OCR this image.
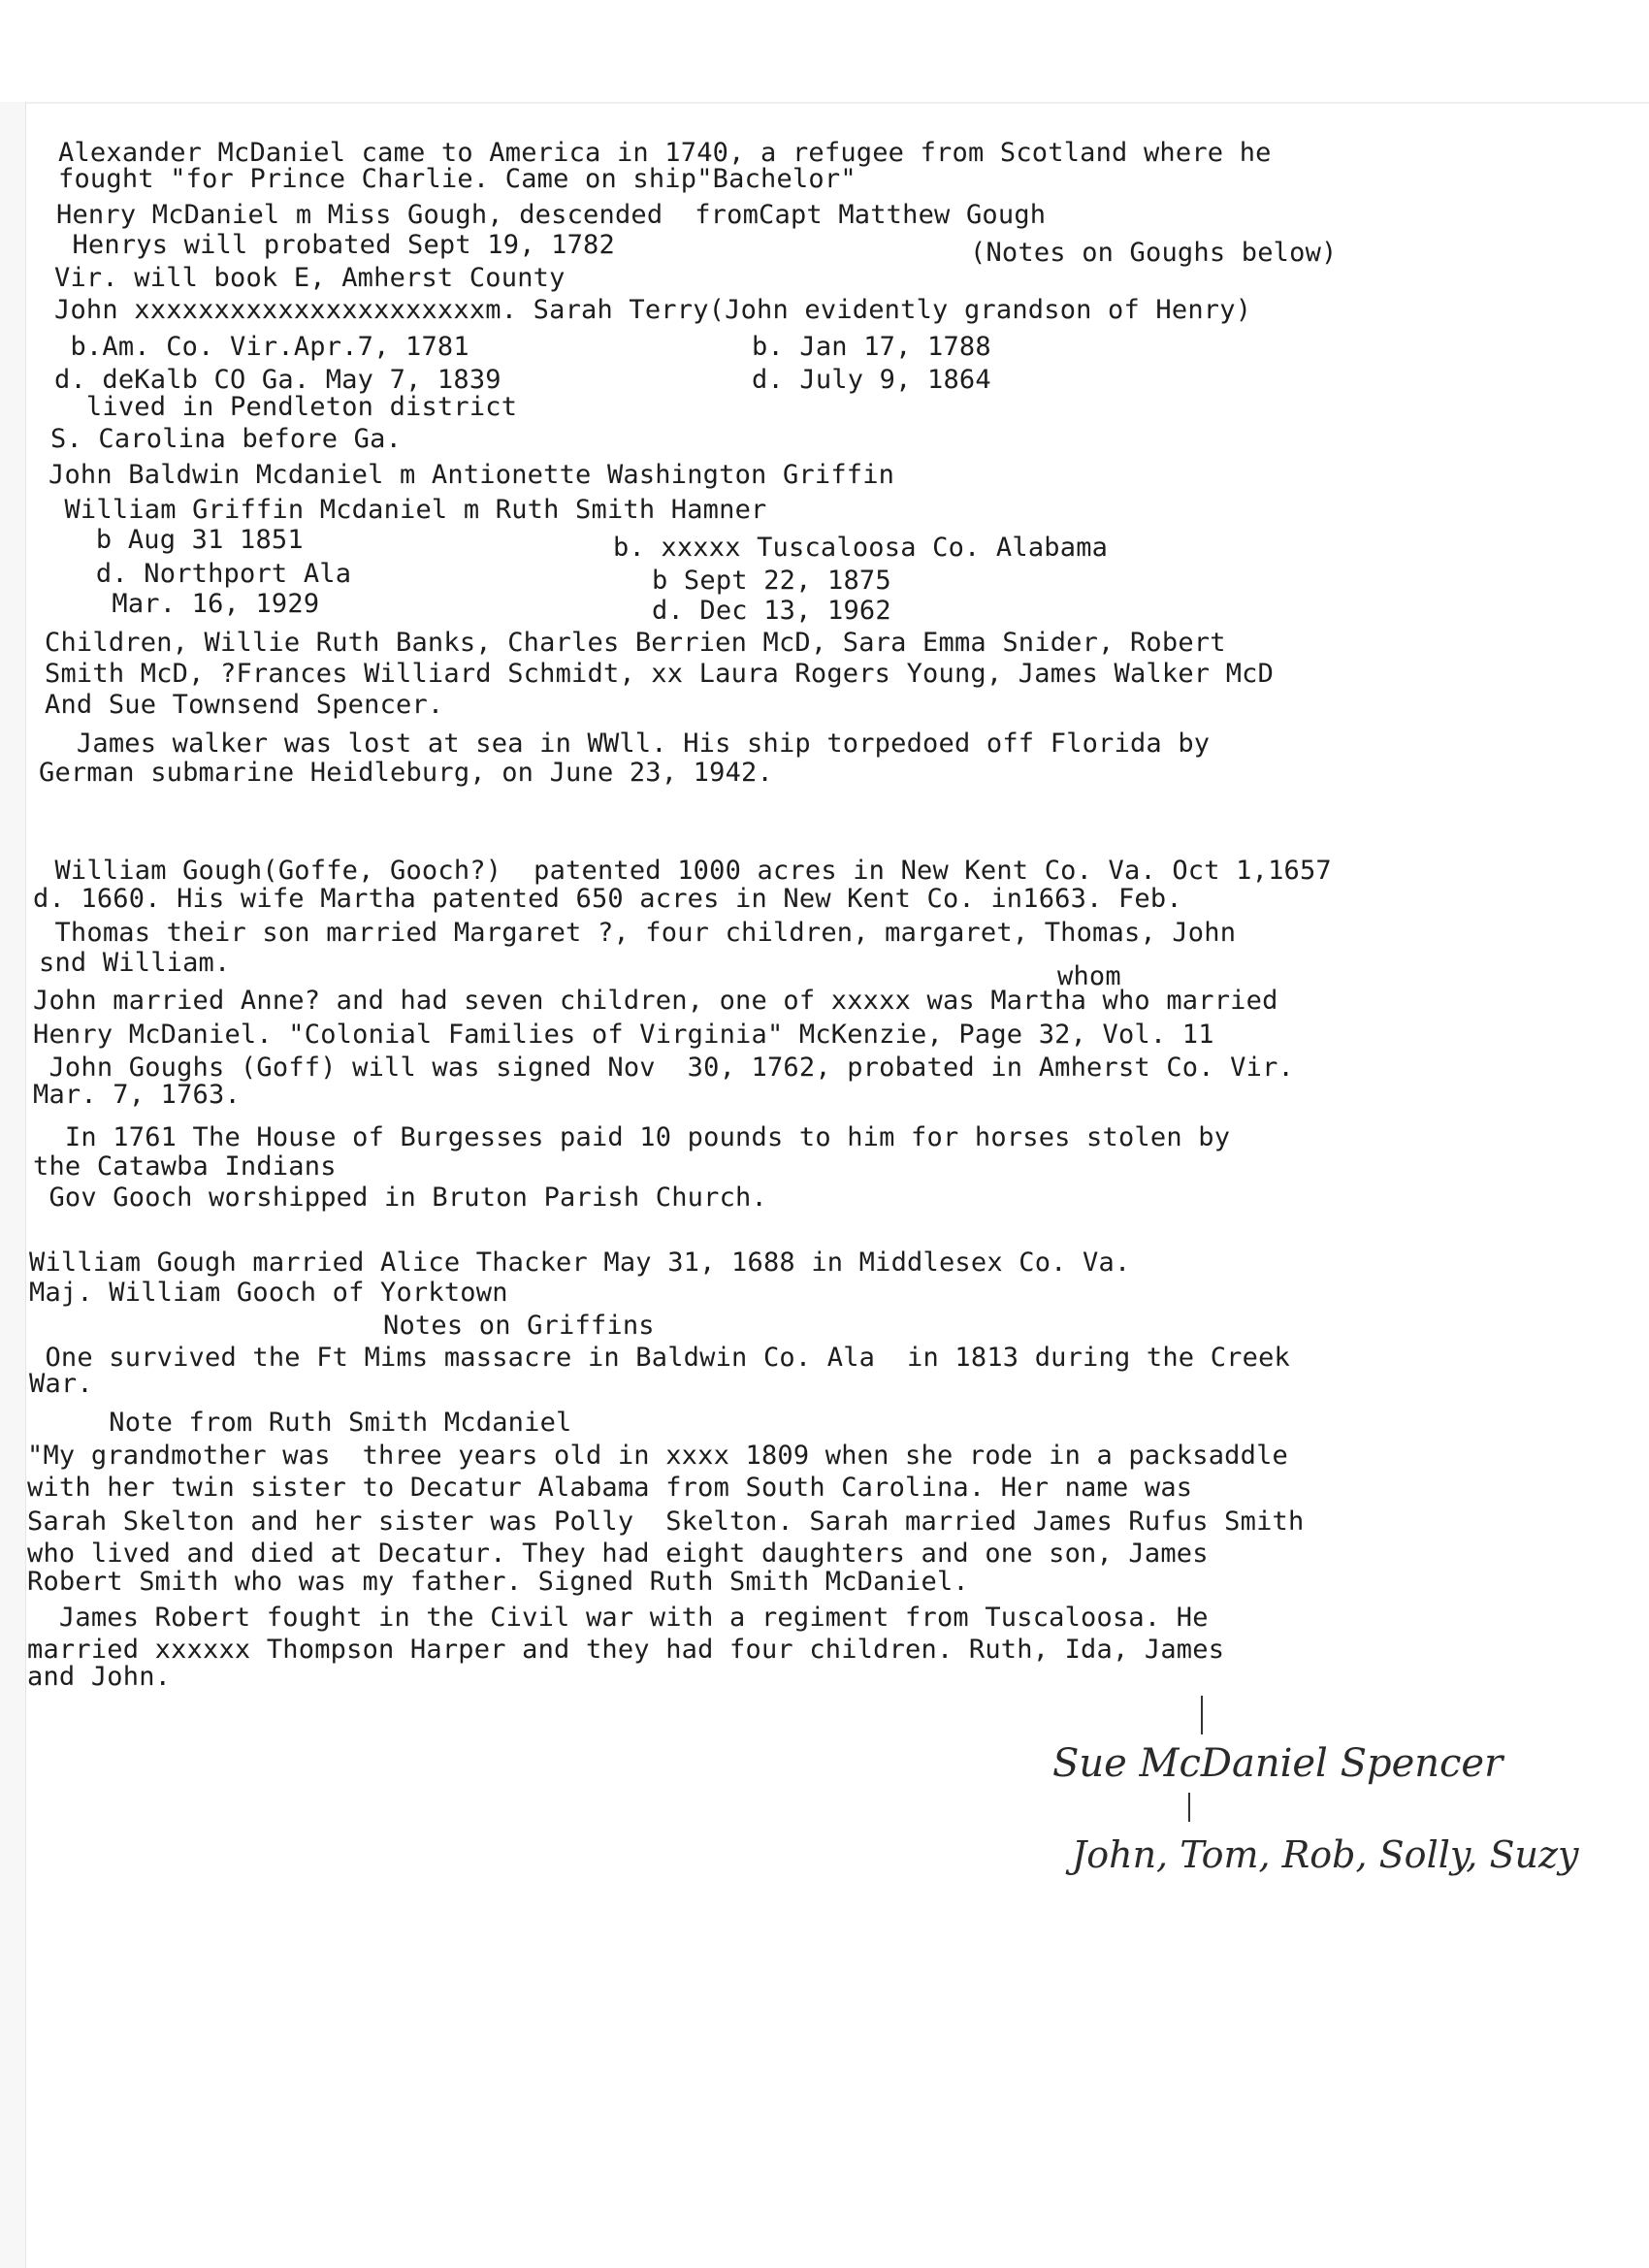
Alexander McDaniel came to America in 1740, a refugee from Scotland where he
fought "for Prince Charlie. Came on ship"Bachelor"
Henry McDaniel m Miss Gough, descended  fromCapt Matthew Gough
Henrys will probated Sept 19, 1782	(Notes on Goughs below)
Vir. will book E, Amherst County
John xxxxxxxxxxxxxxxxxxxxxxm. Sarah Terry(John evidently grandson of Henry)
b.Am. Co. Vir.Apr.7, 1781	b. Jan 17, 1788
d. deKalb CO Ga. May 7, 1839	d. July 9, 1864
lived in Pendleton district
S. Carolina before Ga.
John Baldwin Mcdaniel m Antionette Washington Griffin
William Griffin Mcdaniel m Ruth Smith Hamner
b Aug 31 1851	b. xxxxx Tuscaloosa Co. Alabama
d. Northport Ala	b Sept 22, 1875
Mar. 16, 1929	d. Dec 13, 1962
Children, Willie Ruth Banks, Charles Berrien McD, Sara Emma Snider, Robert
Smith McD, ?Frances Williard Schmidt, xx Laura Rogers Young, James Walker McD
And Sue Townsend Spencer.
James walker was lost at sea in WWll. His ship torpedoed off Florida by
German submarine Heidleburg, on June 23, 1942.
William Gough(Goffe, Gooch?)  patented 1000 acres in New Kent Co. Va. Oct 1,1657
d. 1660. His wife Martha patented 650 acres in New Kent Co. in1663. Feb.
Thomas their son married Margaret ?, four children, margaret, Thomas, John
snd William.	whom
John married Anne? and had seven children, one of xxxxx was Martha who married
Henry McDaniel. "Colonial Families of Virginia" McKenzie, Page 32, Vol. 11
John Goughs (Goff) will was signed Nov  30, 1762, probated in Amherst Co. Vir.
Mar. 7, 1763.
In 1761 The House of Burgesses paid 10 pounds to him for horses stolen by
the Catawba Indians
Gov Gooch worshipped in Bruton Parish Church.
William Gough married Alice Thacker May 31, 1688 in Middlesex Co. Va.
Maj. William Gooch of Yorktown
Notes on Griffins
One survived the Ft Mims massacre in Baldwin Co. Ala  in 1813 during the Creek
War.
Note from Ruth Smith Mcdaniel
"My grandmother was  three years old in xxxx 1809 when she rode in a packsaddle
with her twin sister to Decatur Alabama from South Carolina. Her name was
Sarah Skelton and her sister was Polly  Skelton. Sarah married James Rufus Smith
who lived and died at Decatur. They had eight daughters and one son, James
Robert Smith who was my father. Signed Ruth Smith McDaniel.
James Robert fought in the Civil war with a regiment from Tuscaloosa. He
married xxxxxx Thompson Harper and they had four children. Ruth, Ida, James
and John.
Sue McDaniel Spencer
John, Tom, Rob, Solly, Suzy
